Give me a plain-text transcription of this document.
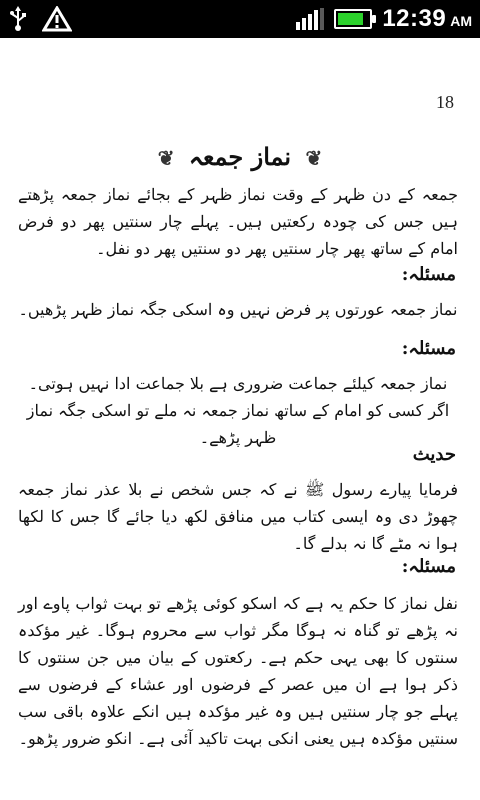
12:39 AM
18
❦ نماز جمعہ ❦
جمعہ کے دن ظہر کے وقت نماز ظہر کے بجائے نماز جمعہ پڑھتے ہیں جس کی چودہ رکعتیں ہیں۔ پہلے چار سنتیں پھر دو فرض امام کے ساتھ پھر چار سنتیں پھر دو سنتیں پھر دو نفل۔
مسئلہ:
نماز جمعہ عورتوں پر فرض نہیں وہ اسکی جگہ نماز ظہر پڑھیں۔
مسئلہ:
نماز جمعہ کیلئے جماعت ضروری ہے بلا جماعت ادا نہیں ہوتی۔ اگر کسی کو امام کے ساتھ نماز جمعہ نہ ملے تو اسکی جگہ نماز ظہر پڑھے۔
حدیث
فرمایا پیارے رسول ﷺ نے کہ جس شخص نے بلا عذر نماز جمعہ چھوڑ دی وہ ایسی کتاب میں منافق لکھ دیا جائے گا جس کا لکھا ہوا نہ مٹے گا نہ بدلے گا۔
مسئلہ:
نفل نماز کا حکم یہ ہے کہ اسکو کوئی پڑھے تو بہت ثواب پاوے اور نہ پڑھے تو گناہ نہ ہوگا مگر ثواب سے محروم ہوگا۔ غیر مؤکدہ سنتوں کا بھی یہی حکم ہے۔ رکعتوں کے بیان میں جن سنتوں کا ذکر ہوا ہے ان میں عصر کے فرضوں اور عشاء کے فرضوں سے پہلے جو چار سنتیں ہیں وہ غیر مؤکدہ ہیں انکے علاوہ باقی سب سنتیں مؤکدہ ہیں یعنی انکی بہت تاکید آئی ہے۔ انکو ضرور پڑھو۔
